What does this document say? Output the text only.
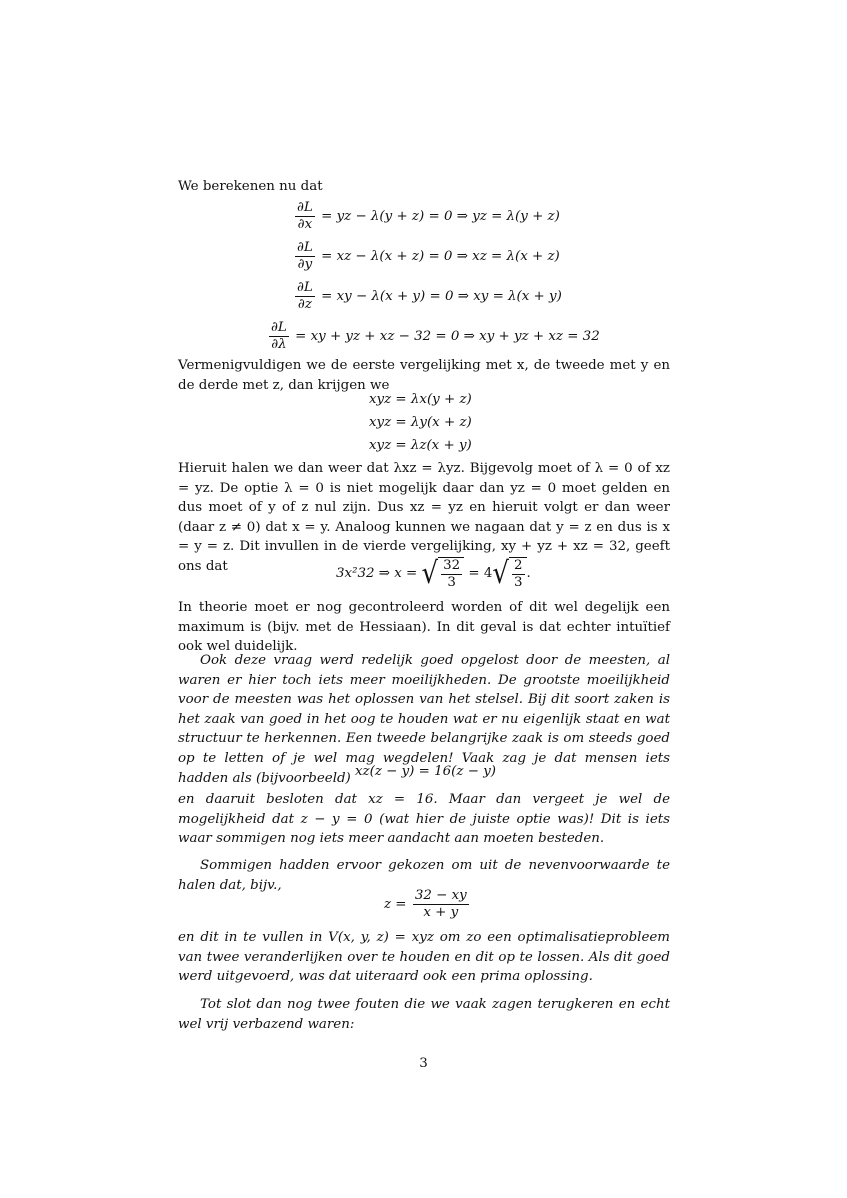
We berekenen nu dat
$\frac{\partial L}{\partial x}$ = yz − λ(y + z) = 0 ⇒ yz = λ(y + z)
$\frac{\partial L}{\partial y}$ = xz − λ(x + z) = 0 ⇒ xz = λ(x + z)
$\frac{\partial L}{\partial z}$ = xy − λ(x + y) = 0 ⇒ xy = λ(x + y)
$\frac{\partial L}{\partial\lambda}$ = xy + yz + xz − 32 = 0 ⇒ xy + yz + xz = 32
Vermenigvuldigen we de eerste vergelijking met x, de tweede met y en de derde met z, dan krijgen we
xyz = λx(y + z)
xyz = λy(x + z)
xyz = λz(x + y)
Hieruit halen we dan weer dat λxz = λyz. Bijgevolg moet of λ = 0 of xz = yz. De optie λ = 0 is niet mogelijk daar dan yz = 0 moet gelden en dus moet of y of z nul zijn. Dus xz = yz en hieruit volgt er dan weer (daar z ≠ 0) dat x = y. Analoog kunnen we nagaan dat y = z en dus is x = y = z. Dit invullen in de vierde vergelijking, xy + yz + xz = 32, geeft ons dat	3x²32 ⇒ x = √ $\frac{32}{3} = 4$ √ $\frac{2}{3}$ .
In theorie moet er nog gecontroleerd worden of dit wel degelijk een maximum is (bijv. met de Hessiaan). In dit geval is dat echter intuïtief ook wel duidelijk.
Ook deze vraag werd redelijk goed opgelost door de meesten, al waren er hier toch iets meer moeilijkheden. De grootste moeilijkheid voor de meesten was het oplossen van het stelsel. Bij dit soort zaken is het zaak van goed in het oog te houden wat er nu eigenlijk staat en wat structuur te herkennen. Een tweede belangrijke zaak is om steeds goed op te letten of je wel mag wegdelen! Vaak zag je dat mensen iets hadden als (bijvoorbeeld) xz(z − y) = 16(z − y)
en daaruit besloten dat xz = 16. Maar dan vergeet je wel de mogelijkheid dat z − y = 0 (wat hier de juiste optie was)! Dit is iets waar sommigen nog iets meer aandacht aan moeten besteden.
Sommigen hadden ervoor gekozen om uit de nevenvoorwaarde te halen dat, bijv.,
$z = \frac{32 - xy}{x + y}$
en dit in te vullen in V(x, y, z) = xyz om zo een optimalisatieprobleem van twee veranderlijken over te houden en dit op te lossen. Als dit goed werd uitgevoerd, was dat uiteraard ook een prima oplossing.
Tot slot dan nog twee fouten die we vaak zagen terugkeren en echt wel vrij verbazend waren:
3
